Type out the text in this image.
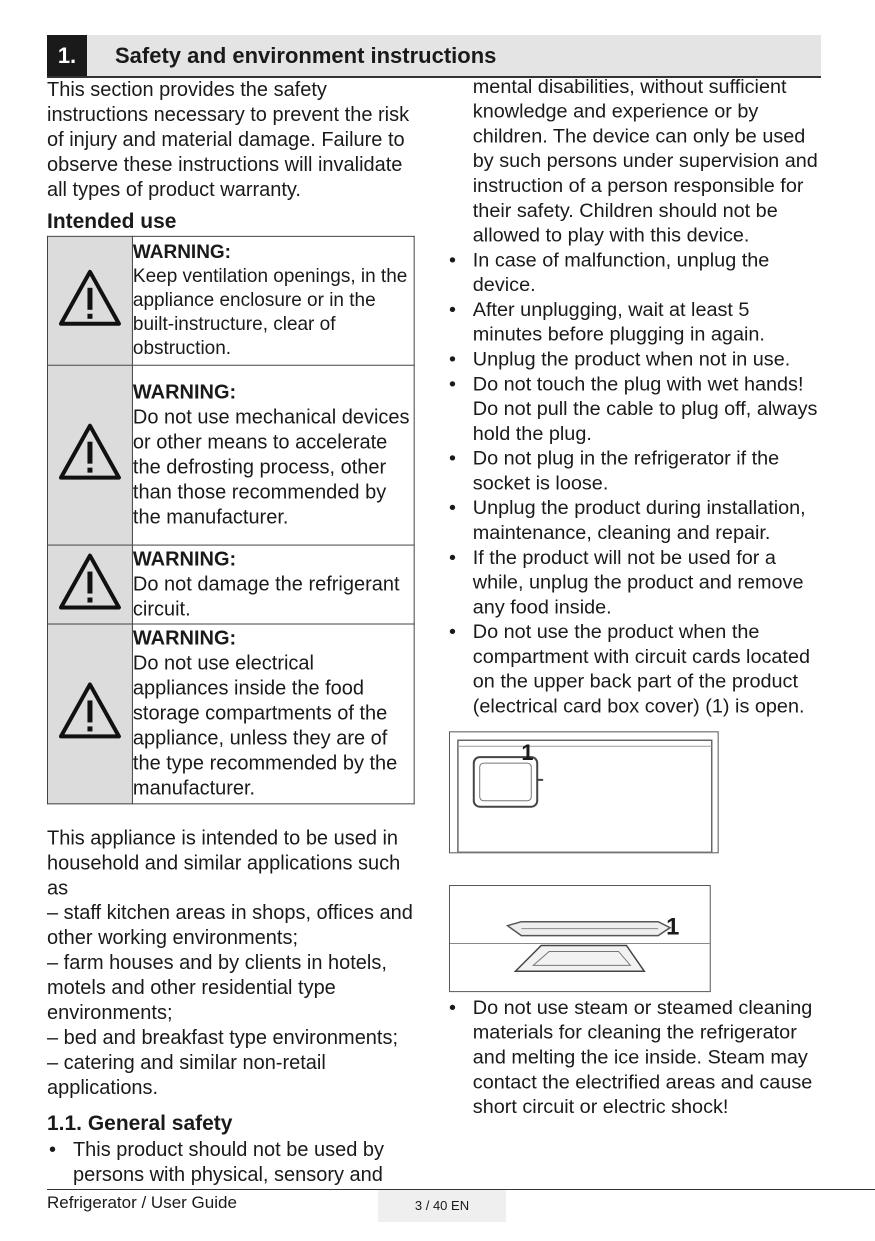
1.	Safety and environment instructions

This section provides the safety instructions necessary to prevent the risk of injury and material damage. Failure to observe these instructions will invalidate all types of product warranty.

Intended use

WARNING:
Keep ventilation openings, in the appliance enclosure or in the built-instructure, clear of obstruction.

WARNING:
Do not use mechanical devices or other means to accelerate the defrosting process, other than those recommended by the manufacturer.

WARNING:
Do not damage the refrigerant circuit.

WARNING:
Do not use electrical appliances inside the food storage compartments of the appliance, unless they are of the type recommended by the manufacturer.

This appliance is intended to be used in household and similar applications such as

– staff kitchen areas in shops, offices and other working environments;

– farm houses and by clients in hotels, motels and other residential type environments;

– bed and breakfast type environments;

– catering and similar non-retail applications.

1.1. General safety
• This product should not be used by persons with physical, sensory and

mental disabilities, without sufficient knowledge and experience or by children. The device can only be used by such persons under supervision and instruction of a person responsible for their safety. Children should not be allowed to play with this device.

• In case of malfunction, unplug the device.
• After unplugging, wait at least 5 minutes before plugging in again.
• Unplug the product when not in use.
• Do not touch the plug with wet hands! Do not pull the cable to plug off, always hold the plug.
• Do not plug in the refrigerator if the socket is loose.
• Unplug the product during installation, maintenance, cleaning and repair.
• If the product will not be used for a while, unplug the product and remove any food inside.
• Do not use the product when the compartment with circuit cards located on the upper back part of the product (electrical card box cover) (1) is open.
1
1
• Do not use steam or steamed cleaning materials for cleaning the refrigerator and melting the ice inside. Steam may contact the electrified areas and cause short circuit or electric shock!
Refrigerator / User Guide	3 / 40 EN
